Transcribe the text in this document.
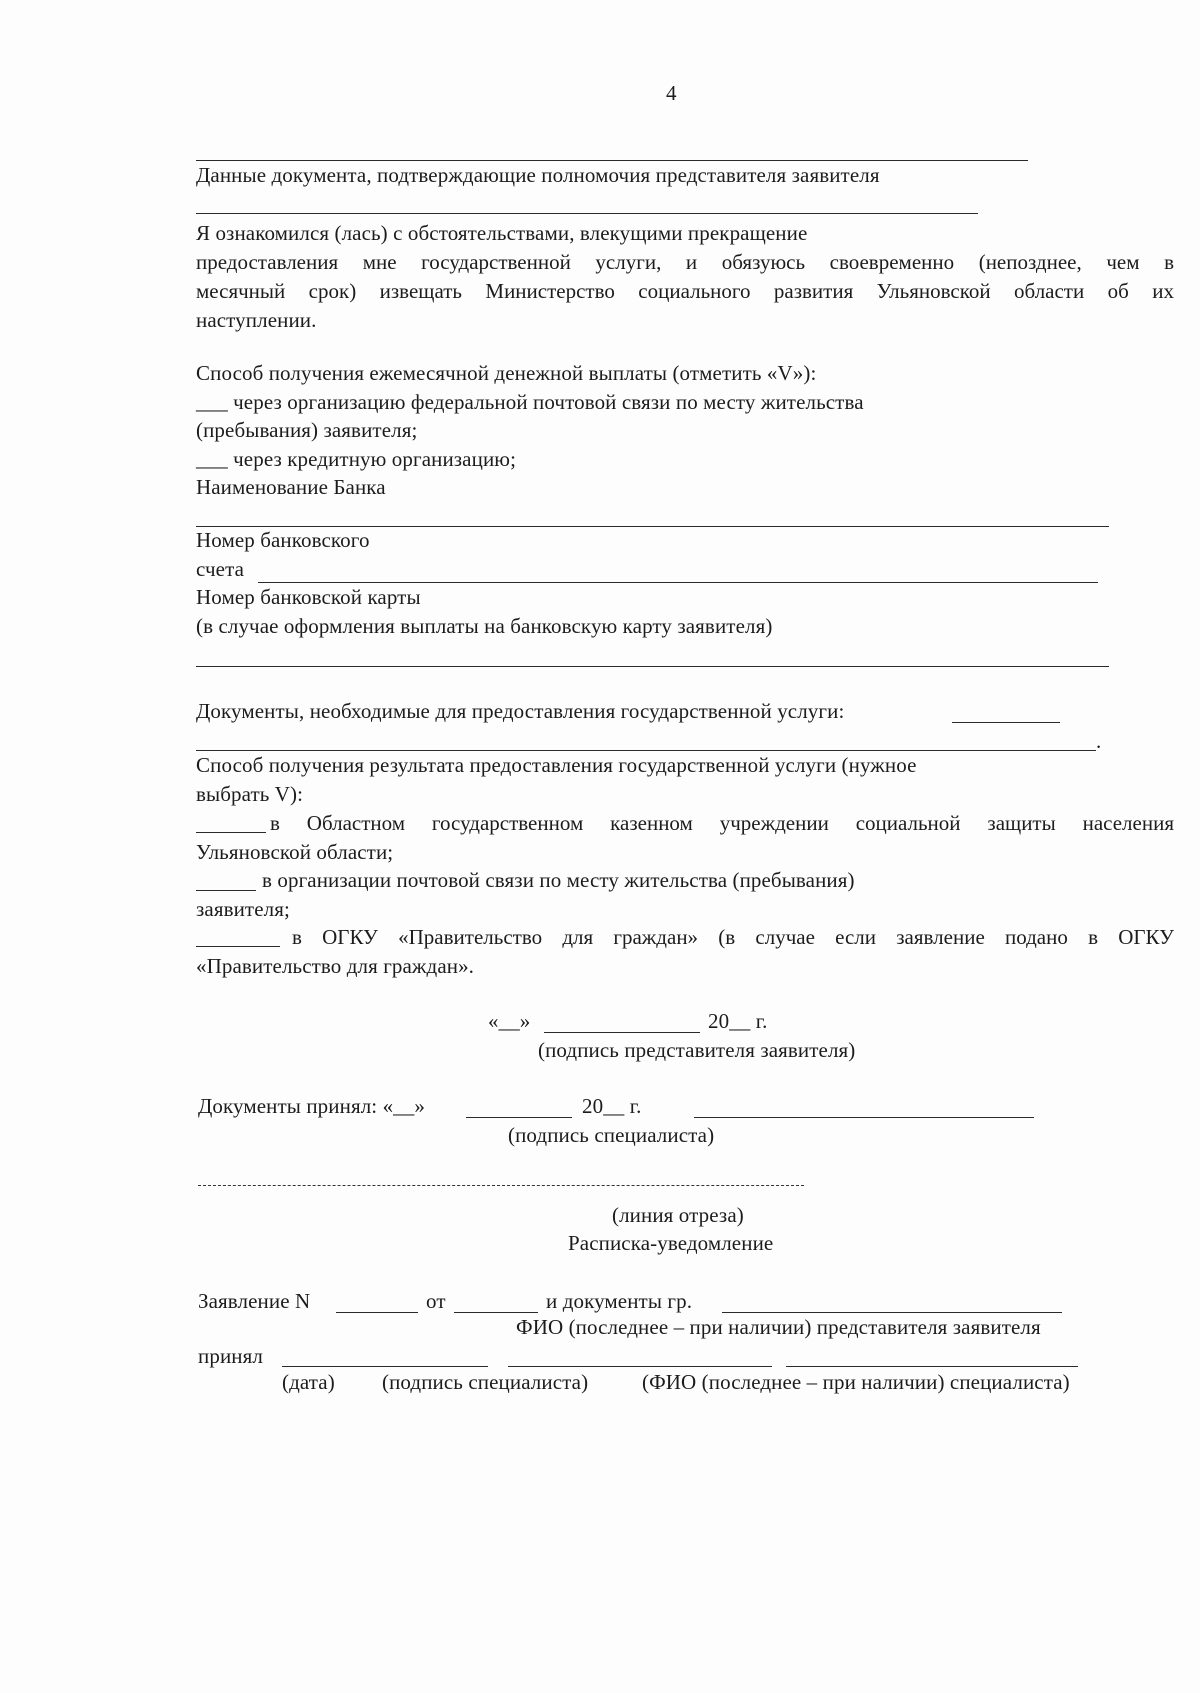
4
Данные документа, подтверждающие полномочия представителя заявителя
Я ознакомился (лась) с обстоятельствами, влекущими прекращение
предоставления мне государственной услуги, и обязуюсь своевременно (непозднее, чем в
месячный срок) извещать Министерство социального развития Ульяновской области об их
наступлении.
Способ получения ежемесячной денежной выплаты (отметить «V»):
___ через организацию федеральной почтовой связи по месту жительства
(пребывания) заявителя;
___ через кредитную организацию;
Наименование Банка
Номер банковского
счета
Номер банковской карты
(в случае оформления выплаты на банковскую карту заявителя)
Документы, необходимые для предоставления государственной услуги:
.
Способ получения результата предоставления государственной услуги (нужное
выбрать V):
в Областном государственном казенном учреждении социальной защиты населения
Ульяновской области;
в организации почтовой связи по месту жительства (пребывания)
заявителя;
в ОГКУ «Правительство для граждан» (в случае если заявление подано в ОГКУ
«Правительство для граждан».
«__»	20__ г.
(подпись представителя заявителя)
Документы принял: «__»	20__ г.
(подпись специалиста)
(линия отреза)
Расписка-уведомление
Заявление N	от	и документы гр.
ФИО (последнее – при наличии) представителя заявителя
принял
(дата) (подпись специалиста)	(ФИО (последнее – при наличии) специалиста)
